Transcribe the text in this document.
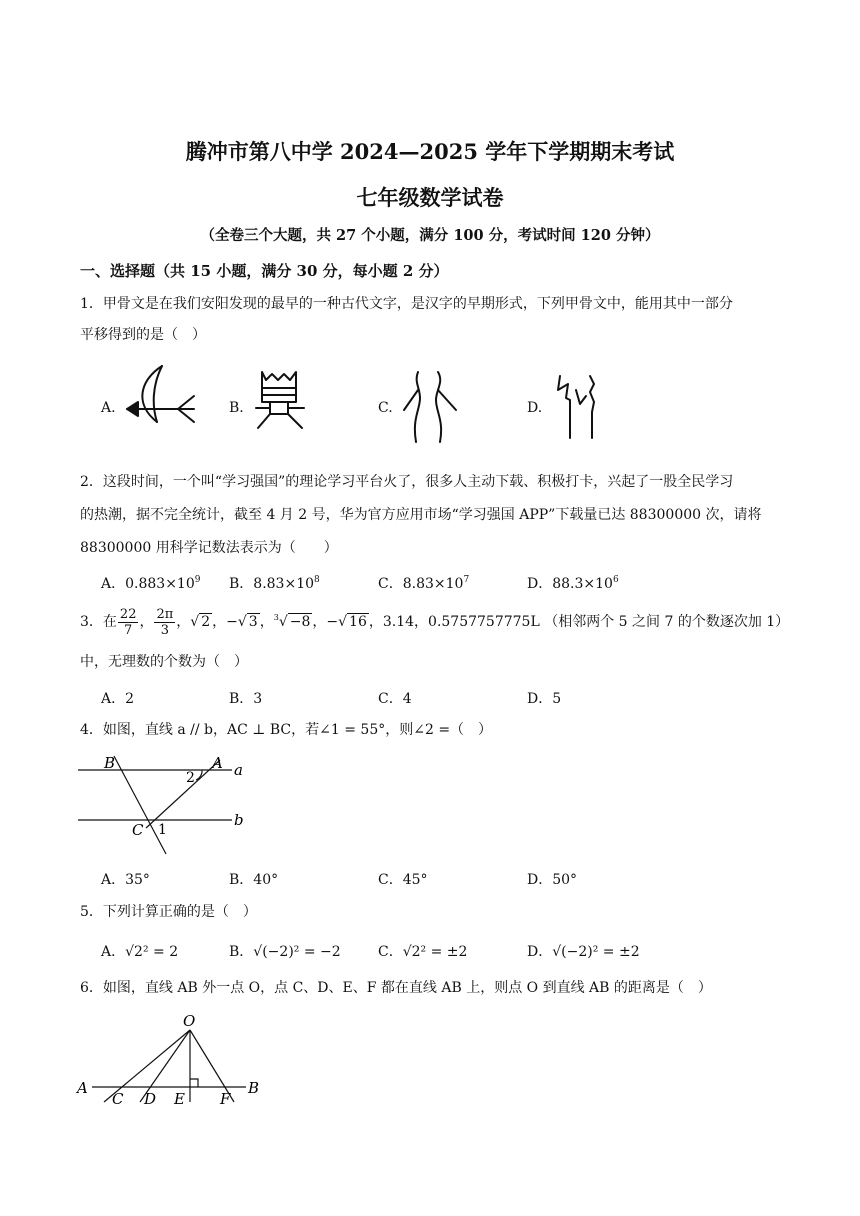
腾冲市第八中学 2024—2025 学年下学期期末考试
七年级数学试卷
（全卷三个大题，共 27 个小题，满分 100 分，考试时间 120 分钟）
一、选择题（共 15 小题，满分 30 分，每小题 2 分）
1．甲骨文是在我们安阳发现的最早的一种古代文字，是汉字的早期形式，下列甲骨文中，能用其中一部分
平移得到的是（　）
A.	B.	C.	D.
2．这段时间，一个叫“学习强国”的理论学习平台火了，很多人主动下载、积极打卡，兴起了一股全民学习
的热潮，据不完全统计，截至 4 月 2 号，华为官方应用市场“学习强国 APP”下载量已达 88300000 次，请将
88300000 用科学记数法表示为（　　）
A．$0.883\times 10^9$ B．$8.83\times 10^8$	C．$8.83\times 10^7$	D．$88.3\times 10^6$
3．在 $\frac{22}{7}$ ， $\frac{2\pi}{3}$ ，√ 2 ，−√ 3 ，$^3$√ −8 ，−√ 16 ，3.14，0.5757757775L （相邻两个 5 之间 7 的个数逐次加 1）
中，无理数的个数为（　）
A．2	B．3	C．4	D．5
4．如图，直线 a // b，AC ⊥ BC，若∠1 = 55°，则∠2 =（　）
B	A a
b
C 1
2
A．35°	B．40°	C．45°	D．50°
5．下列计算正确的是（　）
A．√2² = 2	B．√(−2)² = −2	C．√2² = ±2	D．√(−2)² = ±2
6．如图，直线 AB 外一点 O，点 C、D、E、F 都在直线 AB 上，则点 O 到直线 AB 的距离是（　）
O
A	B
C D E F
